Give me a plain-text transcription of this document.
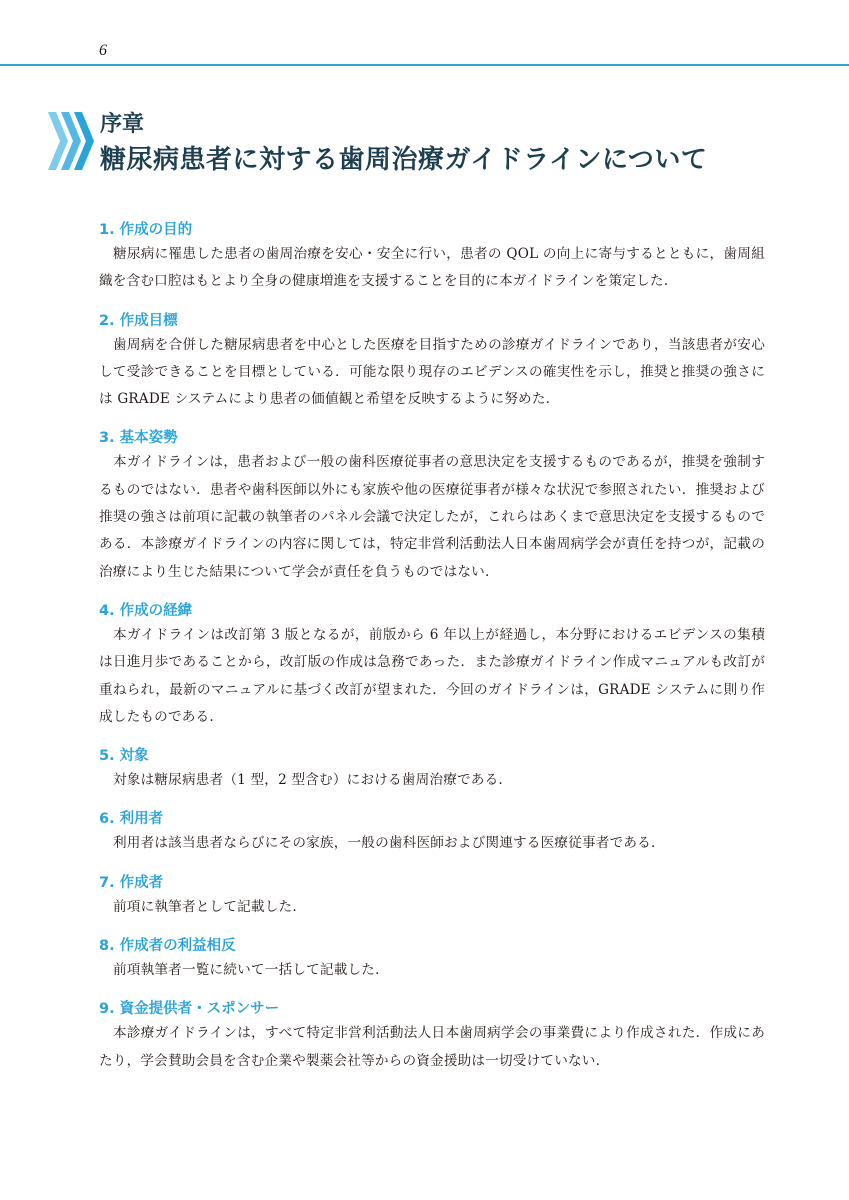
6
序章
糖尿病患者に対する歯周治療ガイドラインについて
1. 作成の目的

糖尿病に罹患した患者の歯周治療を安心・安全に行い，患者の QOL の向上に寄与するとともに，歯周組織を含む口腔はもとより全身の健康増進を支援することを目的に本ガイドラインを策定した.

2. 作成目標

歯周病を合併した糖尿病患者を中心とした医療を目指すための診療ガイドラインであり，当該患者が安心して受診できることを目標としている．可能な限り現存のエビデンスの確実性を示し，推奨と推奨の強さには GRADE システムにより患者の価値観と希望を反映するように努めた.

3. 基本姿勢

本ガイドラインは，患者および一般の歯科医療従事者の意思決定を支援するものであるが，推奨を強制するものではない．患者や歯科医師以外にも家族や他の医療従事者が様々な状況で参照されたい．推奨および推奨の強さは前項に記載の執筆者のパネル会議で決定したが，これらはあくまで意思決定を支援するものである．本診療ガイドラインの内容に関しては，特定非営利活動法人日本歯周病学会が責任を持つが，記載の治療により生じた結果について学会が責任を負うものではない.

4. 作成の経緯

本ガイドラインは改訂第 3 版となるが，前版から 6 年以上が経過し，本分野におけるエビデンスの集積は日進月歩であることから，改訂版の作成は急務であった．また診療ガイドライン作成マニュアルも改訂が重ねられ，最新のマニュアルに基づく改訂が望まれた．今回のガイドラインは，GRADE システムに則り作成したものである.

5. 対象

対象は糖尿病患者（1 型，2 型含む）における歯周治療である.

6. 利用者

利用者は該当患者ならびにその家族，一般の歯科医師および関連する医療従事者である.

7. 作成者

前項に執筆者として記載した.

8. 作成者の利益相反

前項執筆者一覧に続いて一括して記載した.

9. 資金提供者・スポンサー

本診療ガイドラインは，すべて特定非営利活動法人日本歯周病学会の事業費により作成された．作成にあたり，学会賛助会員を含む企業や製薬会社等からの資金援助は一切受けていない.
